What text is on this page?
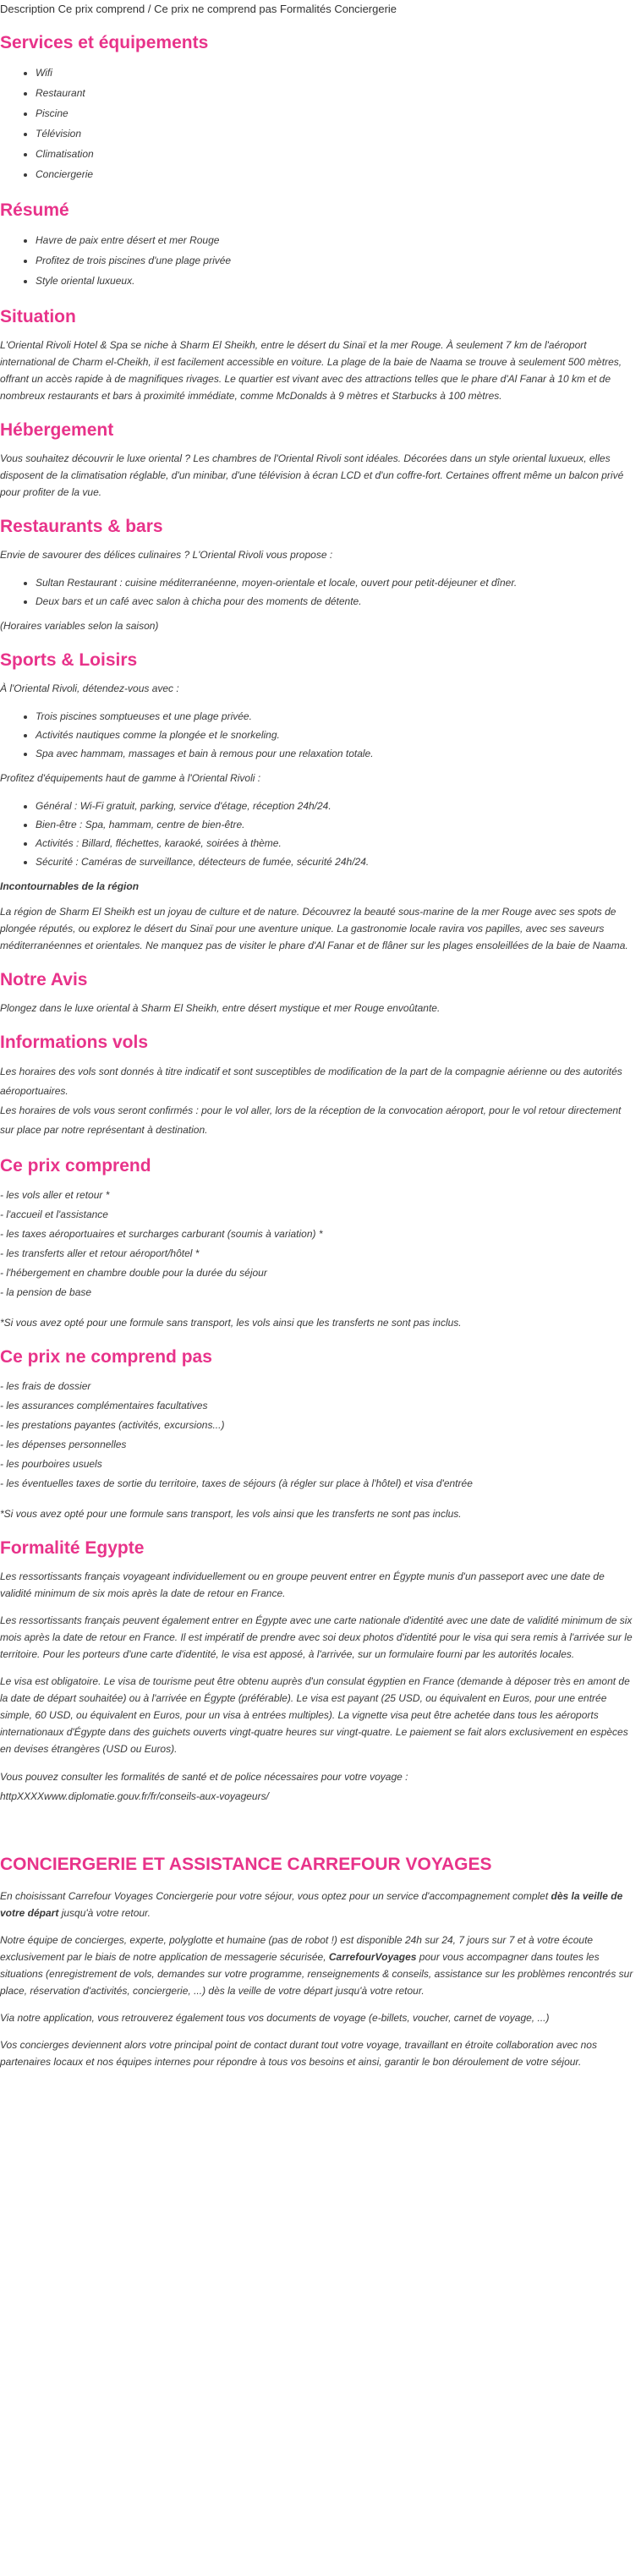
Description Ce prix comprend / Ce prix ne comprend pas Formalités Conciergerie
Services et équipements
• Wifi
• Restaurant
• Piscine
• Télévision
• Climatisation
• Conciergerie
Résumé
• Havre de paix entre désert et mer Rouge
• Profitez de trois piscines d'une plage privée
• Style oriental luxueux.
Situation

L'Oriental Rivoli Hotel & Spa se niche à Sharm El Sheikh, entre le désert du Sinaï et la mer Rouge. À seulement 7 km de l'aéroport international de Charm el-Cheikh, il est facilement accessible en voiture. La plage de la baie de Naama se trouve à seulement 500 mètres, offrant un accès rapide à de magnifiques rivages. Le quartier est vivant avec des attractions telles que le phare d'Al Fanar à 10 km et de nombreux restaurants et bars à proximité immédiate, comme McDonalds à 9 mètres et Starbucks à 100 mètres.

Hébergement

Vous souhaitez découvrir le luxe oriental ? Les chambres de l'Oriental Rivoli sont idéales. Décorées dans un style oriental luxueux, elles disposent de la climatisation réglable, d'un minibar, d'une télévision à écran LCD et d'un coffre-fort. Certaines offrent même un balcon privé pour profiter de la vue.

Restaurants & bars

Envie de savourer des délices culinaires ? L'Oriental Rivoli vous propose :

• Sultan Restaurant : cuisine méditerranéenne, moyen-orientale et locale, ouvert pour petit-déjeuner et dîner.
• Deux bars et un café avec salon à chicha pour des moments de détente.

(Horaires variables selon la saison)

Sports & Loisirs

À l'Oriental Rivoli, détendez-vous avec :

• Trois piscines somptueuses et une plage privée.
• Activités nautiques comme la plongée et le snorkeling.
• Spa avec hammam, massages et bain à remous pour une relaxation totale.

Profitez d'équipements haut de gamme à l'Oriental Rivoli :

• Général : Wi-Fi gratuit, parking, service d'étage, réception 24h/24.
• Bien-être : Spa, hammam, centre de bien-être.
• Activités : Billard, fléchettes, karaoké, soirées à thème.
• Sécurité : Caméras de surveillance, détecteurs de fumée, sécurité 24h/24.
Incontournables de la région

La région de Sharm El Sheikh est un joyau de culture et de nature. Découvrez la beauté sous-marine de la mer Rouge avec ses spots de plongée réputés, ou explorez le désert du Sinaï pour une aventure unique. La gastronomie locale ravira vos papilles, avec ses saveurs méditerranéennes et orientales. Ne manquez pas de visiter le phare d'Al Fanar et de flâner sur les plages ensoleillées de la baie de Naama.

Notre Avis

Plongez dans le luxe oriental à Sharm El Sheikh, entre désert mystique et mer Rouge envoûtante.

Informations vols

Les horaires des vols sont donnés à titre indicatif et sont susceptibles de modification de la part de la compagnie aérienne ou des autorités aéroportuaires.
Les horaires de vols vous seront confirmés : pour le vol aller, lors de la réception de la convocation aéroport, pour le vol retour directement sur place par notre représentant à destination.

Ce prix comprend
- les vols aller et retour *
- l'accueil et l'assistance
- les taxes aéroportuaires et surcharges carburant (soumis à variation) *
- les transferts aller et retour aéroport/hôtel *
- l'hébergement en chambre double pour la durée du séjour
- la pension de base
*Si vous avez opté pour une formule sans transport, les vols ainsi que les transferts ne sont pas inclus.
Ce prix ne comprend pas
- les frais de dossier
- les assurances complémentaires facultatives
- les prestations payantes (activités, excursions...)
- les dépenses personnelles
- les pourboires usuels
- les éventuelles taxes de sortie du territoire, taxes de séjours (à régler sur place à l'hôtel) et visa d'entrée
*Si vous avez opté pour une formule sans transport, les vols ainsi que les transferts ne sont pas inclus.
Formalité Egypte

Les ressortissants français voyageant individuellement ou en groupe peuvent entrer en Égypte munis d'un passeport avec une date de validité minimum de six mois après la date de retour en France.

Les ressortissants français peuvent également entrer en Égypte avec une carte nationale d'identité avec une date de validité minimum de six mois après la date de retour en France. Il est impératif de prendre avec soi deux photos d'identité pour le visa qui sera remis à l'arrivée sur le territoire. Pour les porteurs d'une carte d'identité, le visa est apposé, à l'arrivée, sur un formulaire fourni par les autorités locales.

Le visa est obligatoire. Le visa de tourisme peut être obtenu auprès d'un consulat égyptien en France (demande à déposer très en amont de la date de départ souhaitée) ou à l'arrivée en Égypte (préférable). Le visa est payant (25 USD, ou équivalent en Euros, pour une entrée simple, 60 USD, ou équivalent en Euros, pour un visa à entrées multiples). La vignette visa peut être achetée dans tous les aéroports internationaux d'Égypte dans des guichets ouverts vingt-quatre heures sur vingt-quatre. Le paiement se fait alors exclusivement en espèces en devises étrangères (USD ou Euros).

Vous pouvez consulter les formalités de santé et de police nécessaires pour votre voyage :
httpXXXXwww.diplomatie.gouv.fr/fr/conseils-aux-voyageurs/

CONCIERGERIE ET ASSISTANCE CARREFOUR VOYAGES

En choisissant Carrefour Voyages Conciergerie pour votre séjour, vous optez pour un service d'accompagnement complet dès la veille de votre départ jusqu'à votre retour.

Notre équipe de concierges, experte, polyglotte et humaine (pas de robot !) est disponible 24h sur 24, 7 jours sur 7 et à votre écoute exclusivement par le biais de notre application de messagerie sécurisée, CarrefourVoyages pour vous accompagner dans toutes les situations (enregistrement de vols, demandes sur votre programme, renseignements & conseils, assistance sur les problèmes rencontrés sur place, réservation d'activités, conciergerie, ...) dès la veille de votre départ jusqu'à votre retour.

Via notre application, vous retrouverez également tous vos documents de voyage (e-billets, voucher, carnet de voyage, ...)

Vos concierges deviennent alors votre principal point de contact durant tout votre voyage, travaillant en étroite collaboration avec nos partenaires locaux et nos équipes internes pour répondre à tous vos besoins et ainsi, garantir le bon déroulement de votre séjour.
